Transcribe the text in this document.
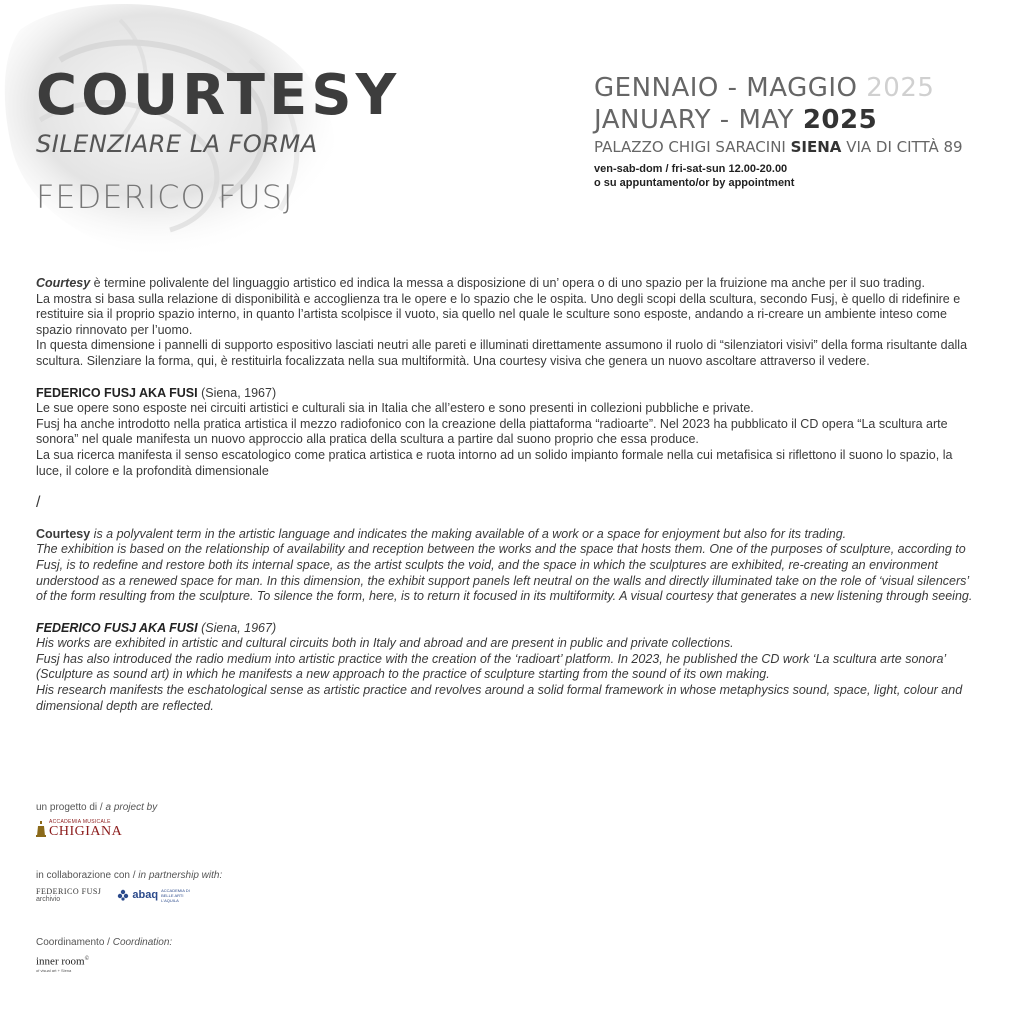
COURTESY
SILENZIARE LA FORMA
FEDERICO FUSJ
GENNAIO - MAGGIO 2025
JANUARY - MAY 2025
PALAZZO CHIGI SARACINI SIENA VIA DI CITTÀ 89
ven-sab-dom / fri-sat-sun 12.00-20.00
o su appuntamento/or by appointment

Courtesy è termine polivalente del linguaggio artistico ed indica la messa a disposizione di un’ opera o di uno spazio per la fruizione ma anche per il suo trading.

La mostra si basa sulla relazione di disponibilità e accoglienza tra le opere e lo spazio che le ospita. Uno degli scopi della scultura, secondo Fusj, è quello di ridefinire e restituire sia il proprio spazio interno, in quanto l’artista scolpisce il vuoto, sia quello nel quale le sculture sono esposte, andando a ri-creare un ambiente inteso come spazio rinnovato per l’uomo.

In questa dimensione i pannelli di supporto espositivo lasciati neutri alle pareti e illuminati direttamente assumono il ruolo di “silenziatori visivi” della forma risultante dalla scultura. Silenziare la forma, qui, è restituirla focalizzata nella sua multiformità. Una courtesy visiva che genera un nuovo ascoltare attraverso il vedere.

FEDERICO FUSJ AKA FUSI (Siena, 1967)

Le sue opere sono esposte nei circuiti artistici e culturali sia in Italia che all’estero e sono presenti in collezioni pubbliche e private.

Fusj ha anche introdotto nella pratica artistica il mezzo radiofonico con la creazione della piattaforma “radioarte”. Nel 2023 ha pubblicato il CD opera “La scultura arte sonora” nel quale manifesta un nuovo approccio alla pratica della scultura a partire dal suono proprio che essa produce.

La sua ricerca manifesta il senso escatologico come pratica artistica e ruota intorno ad un solido impianto formale nella cui metafisica si riflettono il suono lo spazio, la luce, il colore e la profondità dimensionale

/

Courtesy is a polyvalent term in the artistic language and indicates the making available of a work or a space for enjoyment but also for its trading.

The exhibition is based on the relationship of availability and reception between the works and the space that hosts them. One of the purposes of sculpture, according to Fusj, is to redefine and restore both its internal space, as the artist sculpts the void, and the space in which the sculptures are exhibited, re-creating an environment understood as a renewed space for man. In this dimension, the exhibit support panels left neutral on the walls and directly illuminated take on the role of ‘visual silencers’ of the form resulting from the sculpture. To silence the form, here, is to return it focused in its multiformity. A visual courtesy that generates a new listening through seeing.

FEDERICO FUSJ AKA FUSI (Siena, 1967)

His works are exhibited in artistic and cultural circuits both in Italy and abroad and are present in public and private collections.

Fusj has also introduced the radio medium into artistic practice with the creation of the ‘radioart’ platform. In 2023, he published the CD work ‘La scultura arte sonora’ (Sculpture as sound art) in which he manifests a new approach to the practice of sculpture starting from the sound of its own making.

His research manifests the eschatological sense as artistic practice and revolves around a solid formal framework in whose metaphysics sound, space, light, colour and dimensional depth are reflected.

un progetto di / a project by
ACCADEMIA MUSICALE
CHIGIANA
in collaborazione con / in partnership with:
FEDERICO FUSJ
archivio	abaq ACCADEMIA DI BELLE ARTI L'AQUILA
Coordinamento / Coordination:
inner room©
of visual art + Siena
